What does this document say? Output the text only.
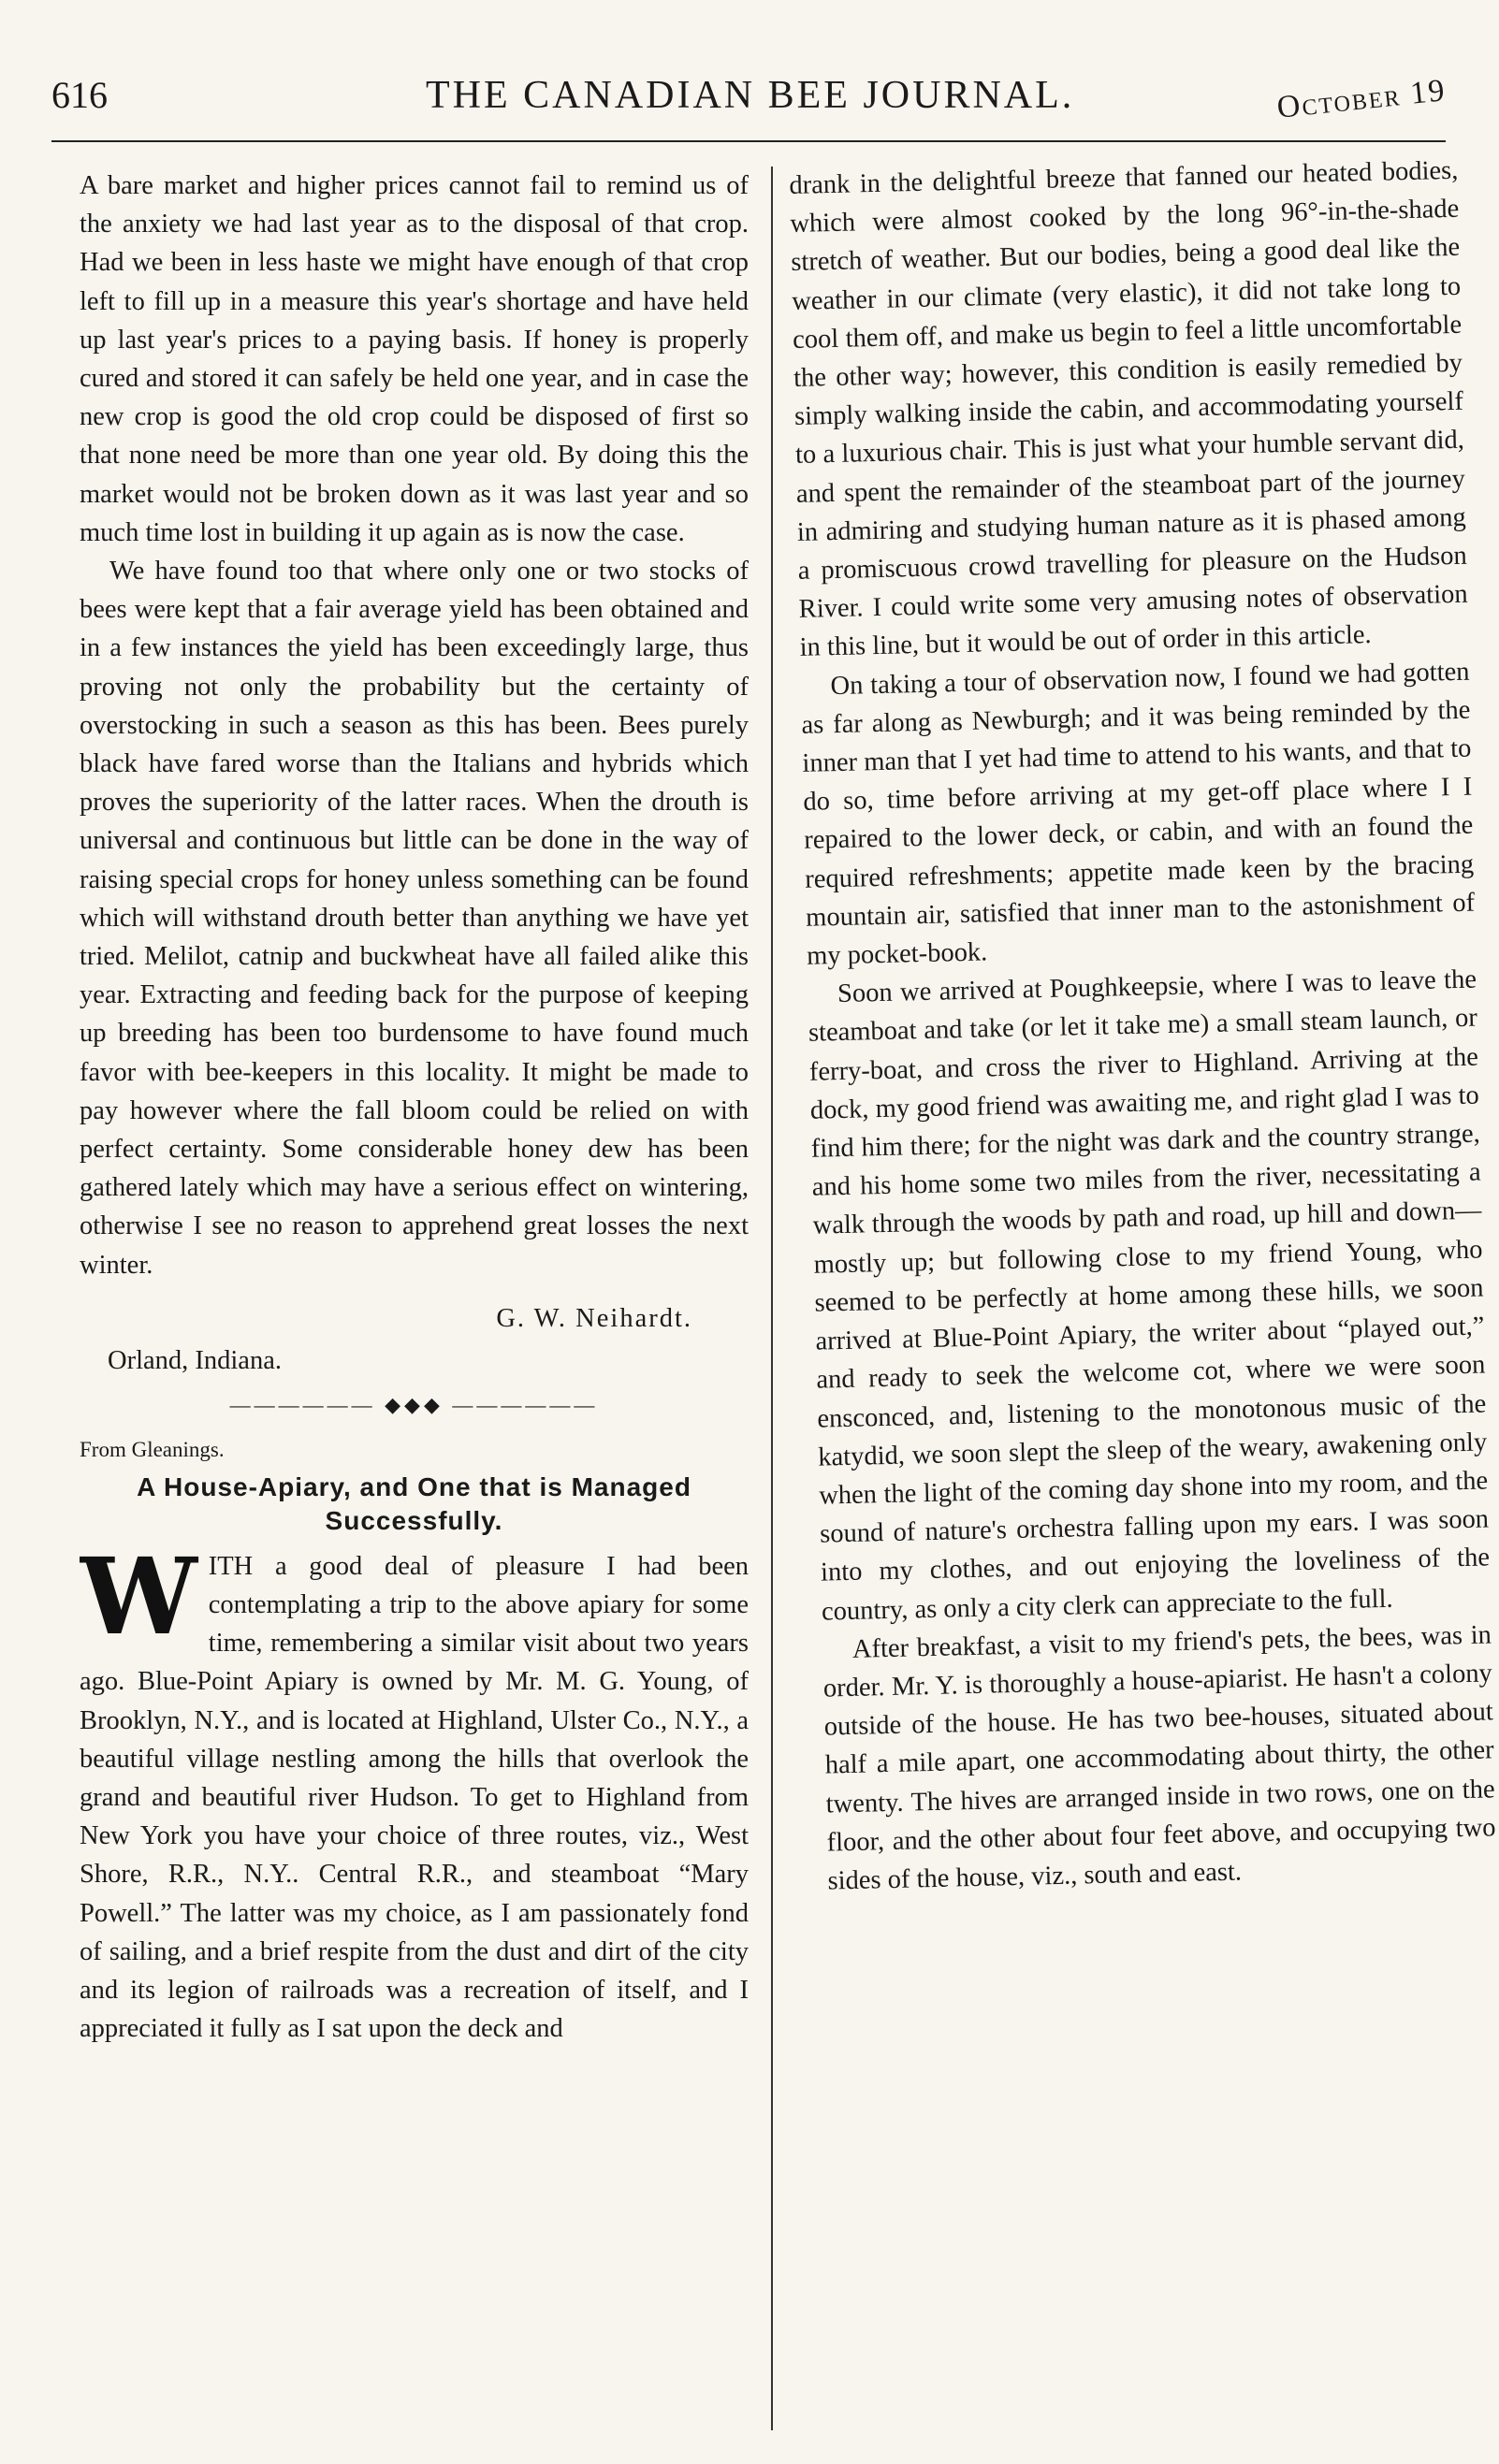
616	THE CANADIAN BEE JOURNAL.	October 19

A bare market and higher prices cannot fail to remind us of the anxiety we had last year as to the disposal of that crop. Had we been in less haste we might have enough of that crop left to fill up in a measure this year's shortage and have held up last year's prices to a paying basis. If honey is properly cured and stored it can safely be held one year, and in case the new crop is good the old crop could be disposed of first so that none need be more than one year old. By doing this the market would not be broken down as it was last year and so much time lost in building it up again as is now the case.

We have found too that where only one or two stocks of bees were kept that a fair average yield has been obtained and in a few instances the yield has been exceedingly large, thus proving not only the probability but the certainty of overstocking in such a season as this has been. Bees purely black have fared worse than the Italians and hybrids which proves the superiority of the latter races. When the drouth is universal and continuous but little can be done in the way of raising special crops for honey unless something can be found which will withstand drouth better than anything we have yet tried. Melilot, catnip and buckwheat have all failed alike this year. Extracting and feeding back for the purpose of keeping up breeding has been too burdensome to have found much favor with bee-keepers in this locality. It might be made to pay however where the fall bloom could be relied on with perfect certainty. Some considerable honey dew has been gathered lately which may have a serious effect on wintering, otherwise I see no reason to apprehend great losses the next winter.

G. W. Neihardt.
Orland, Indiana.
—————— ◆◆◆ ——————

From Gleanings.

A House-Apiary, and One that is Managed Successfully.

WITH a good deal of pleasure I had been contemplating a trip to the above apiary for some time, remembering a similar visit about two years ago. Blue-Point Apiary is owned by Mr. M. G. Young, of Brooklyn, N.Y., and is located at Highland, Ulster Co., N.Y., a beautiful village nestling among the hills that overlook the grand and beautiful river Hudson. To get to Highland from New York you have your choice of three routes, viz., West Shore, R.R., N.Y.. Central R.R., and steamboat “Mary Powell.” The latter was my choice, as I am passionately fond of sailing, and a brief respite from the dust and dirt of the city and its legion of railroads was a recreation of itself, and I appreciated it fully as I sat upon the deck and

drank in the delightful breeze that fanned our heated bodies, which were almost cooked by the long 96°-in-the-shade stretch of weather. But our bodies, being a good deal like the weather in our climate (very elastic), it did not take long to cool them off, and make us begin to feel a little uncomfortable the other way; however, this condition is easily remedied by simply walking inside the cabin, and accommodating yourself to a luxurious chair. This is just what your humble servant did, and spent the remainder of the steamboat part of the journey in admiring and studying human nature as it is phased among a promiscuous crowd travelling for pleasure on the Hudson River. I could write some very amusing notes of observation in this line, but it would be out of order in this article.

On taking a tour of observation now, I found we had gotten as far along as Newburgh; and it was being reminded by the inner man that I yet had time to attend to his wants, and that to do so, time before arriving at my get-off place where I I repaired to the lower deck, or cabin, and with an found the required refreshments; appetite made keen by the bracing mountain air, satisfied that inner man to the astonishment of my pocket-book.

Soon we arrived at Poughkeepsie, where I was to leave the steamboat and take (or let it take me) a small steam launch, or ferry-boat, and cross the river to Highland. Arriving at the dock, my good friend was awaiting me, and right glad I was to find him there; for the night was dark and the country strange, and his home some two miles from the river, necessitating a walk through the woods by path and road, up hill and down—mostly up; but following close to my friend Young, who seemed to be perfectly at home among these hills, we soon arrived at Blue-Point Apiary, the writer about “played out,” and ready to seek the welcome cot, where we were soon ensconced, and, listening to the monotonous music of the katydid, we soon slept the sleep of the weary, awakening only when the light of the coming day shone into my room, and the sound of nature's orchestra falling upon my ears. I was soon into my clothes, and out enjoying the loveliness of the country, as only a city clerk can appreciate to the full.

After breakfast, a visit to my friend's pets, the bees, was in order. Mr. Y. is thoroughly a house-apiarist. He hasn't a colony outside of the house. He has two bee-houses, situated about half a mile apart, one accommodating about thirty, the other twenty. The hives are arranged inside in two rows, one on the floor, and the other about four feet above, and occupying two sides of the house, viz., south and east.
